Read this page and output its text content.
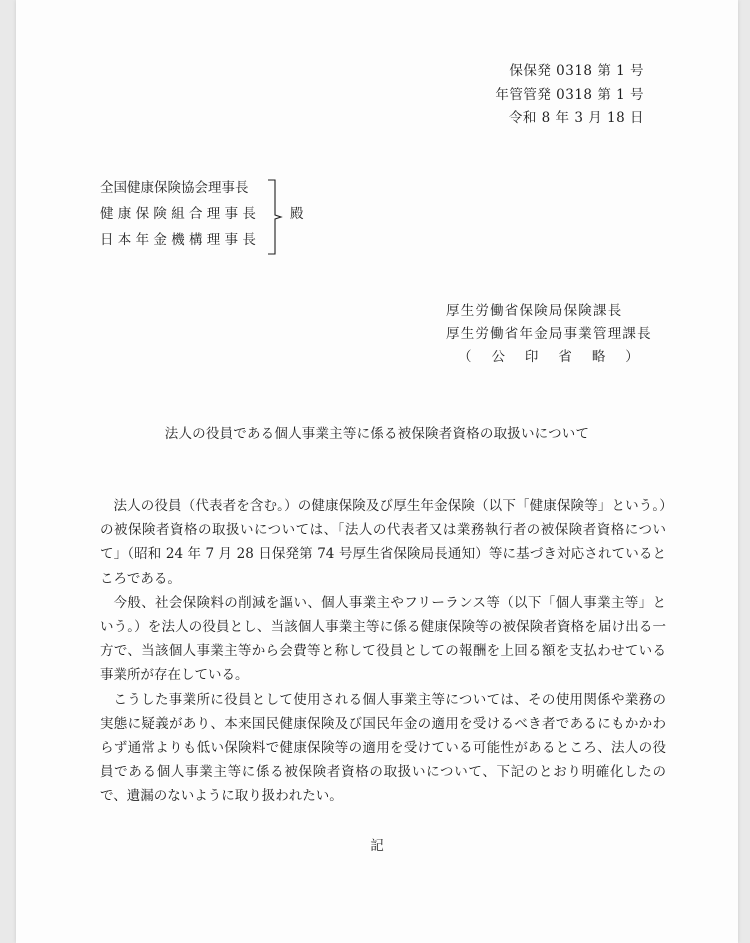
保保発 0318 第 1 号
年管管発 0318 第 1 号
令和 8 年 3 月 18 日
全国健康保険協会理事長
健康保険組合理事長
日本年金機構理事長
殿
厚生労働省保険局保険課長
厚生労働省年金局事業管理課長
（ 公 印 省 略 ）
法人の役員である個人事業主等に係る被保険者資格の取扱いについて

法人の役員（代表者を含む。）の健康保険及び厚生年金保険（以下「健康保険等」という。）の被保険者資格の取扱いについては、「法人の代表者又は業務執行者の被保険者資格について」（昭和 24 年 7 月 28 日保発第 74 号厚生省保険局長通知）等に基づき対応されているところである。

今般、社会保険料の削減を謳い、個人事業主やフリーランス等（以下「個人事業主等」という。）を法人の役員とし、当該個人事業主等に係る健康保険等の被保険者資格を届け出る一方で、当該個人事業主等から会費等と称して役員としての報酬を上回る額を支払わせている事業所が存在している。

こうした事業所に役員として使用される個人事業主等については、その使用関係や業務の実態に疑義があり、本来国民健康保険及び国民年金の適用を受けるべき者であるにもかかわらず通常よりも低い保険料で健康保険等の適用を受けている可能性があるところ、法人の役員である個人事業主等に係る被保険者資格の取扱いについて、下記のとおり明確化したので、遺漏のないように取り扱われたい。

記
